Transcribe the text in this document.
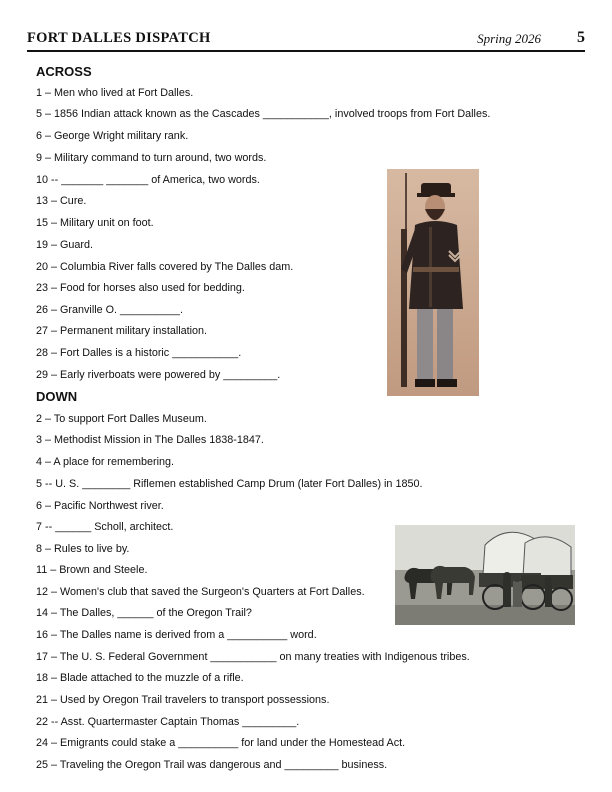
FORT DALLES DISPATCH	Spring 2026 5
ACROSS
1 – Men who lived at Fort Dalles.
5 – 1856 Indian attack known as the Cascades ___________, involved troops from Fort Dalles.
6 – George Wright military rank.
9 – Military command to turn around, two words.
10 -- _______ _______ of America, two words.
13 – Cure.
15 – Military unit on foot.
19 – Guard.
20 – Columbia River falls covered by The Dalles dam.
23 – Food for horses also used for bedding.
26 – Granville O. __________.
27 – Permanent military installation.
28 – Fort Dalles is a historic ___________.
29 – Early riverboats were powered by _________.
DOWN
2 – To support Fort Dalles Museum.
3 – Methodist Mission in The Dalles 1838-1847.
4 – A place for remembering.
5 -- U. S. ________ Riflemen established Camp Drum (later Fort Dalles) in 1850.
6 – Pacific Northwest river.
7 -- ______ Scholl, architect.
8 – Rules to live by.
11 – Brown and Steele.
12 – Women's club that saved the Surgeon's Quarters at Fort Dalles.
14 – The Dalles, ______ of the Oregon Trail?
16 – The Dalles name is derived from a __________ word.
17 – The U. S. Federal Government ___________ on many treaties with Indigenous tribes.
18 – Blade attached to the muzzle of a rifle.
21 – Used by Oregon Trail travelers to transport possessions.
22 -- Asst. Quartermaster Captain Thomas _________.
24 – Emigrants could stake a __________ for land under the Homestead Act.
25 – Traveling the Oregon Trail was dangerous and _________ business.
